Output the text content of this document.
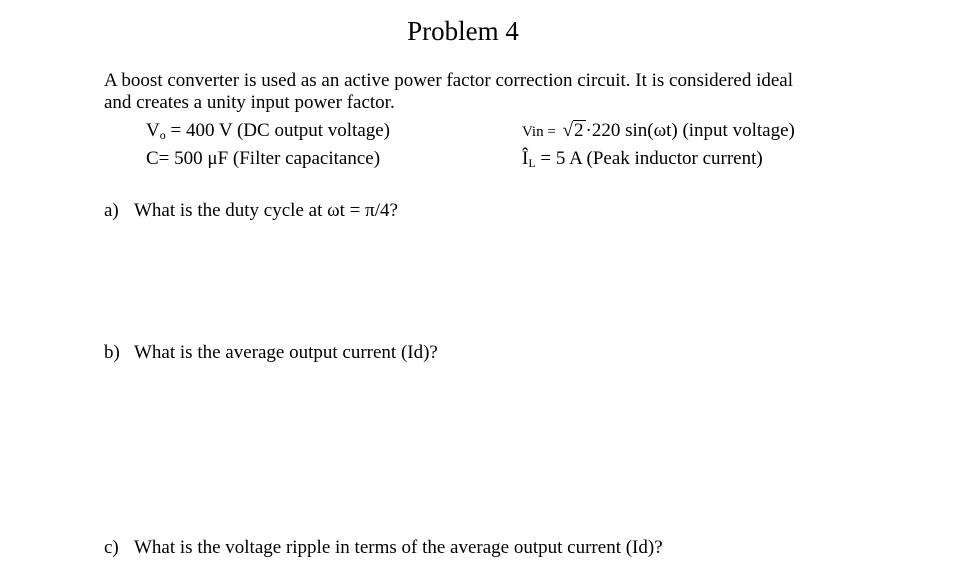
Problem 4
A boost converter is used as an active power factor correction circuit. It is considered ideal and creates a unity input power factor.
$V_o = 400$ V (DC output voltage)
C= 500 μF (Filter capacitance)
Vin = √2 ·220 sin(ωt) (input voltage)
$Î_L = 5$ A (Peak inductor current)
a) What is the duty cycle at ωt = π/4?
b) What is the average output current (Id)?
c) What is the voltage ripple in terms of the average output current (Id)?
